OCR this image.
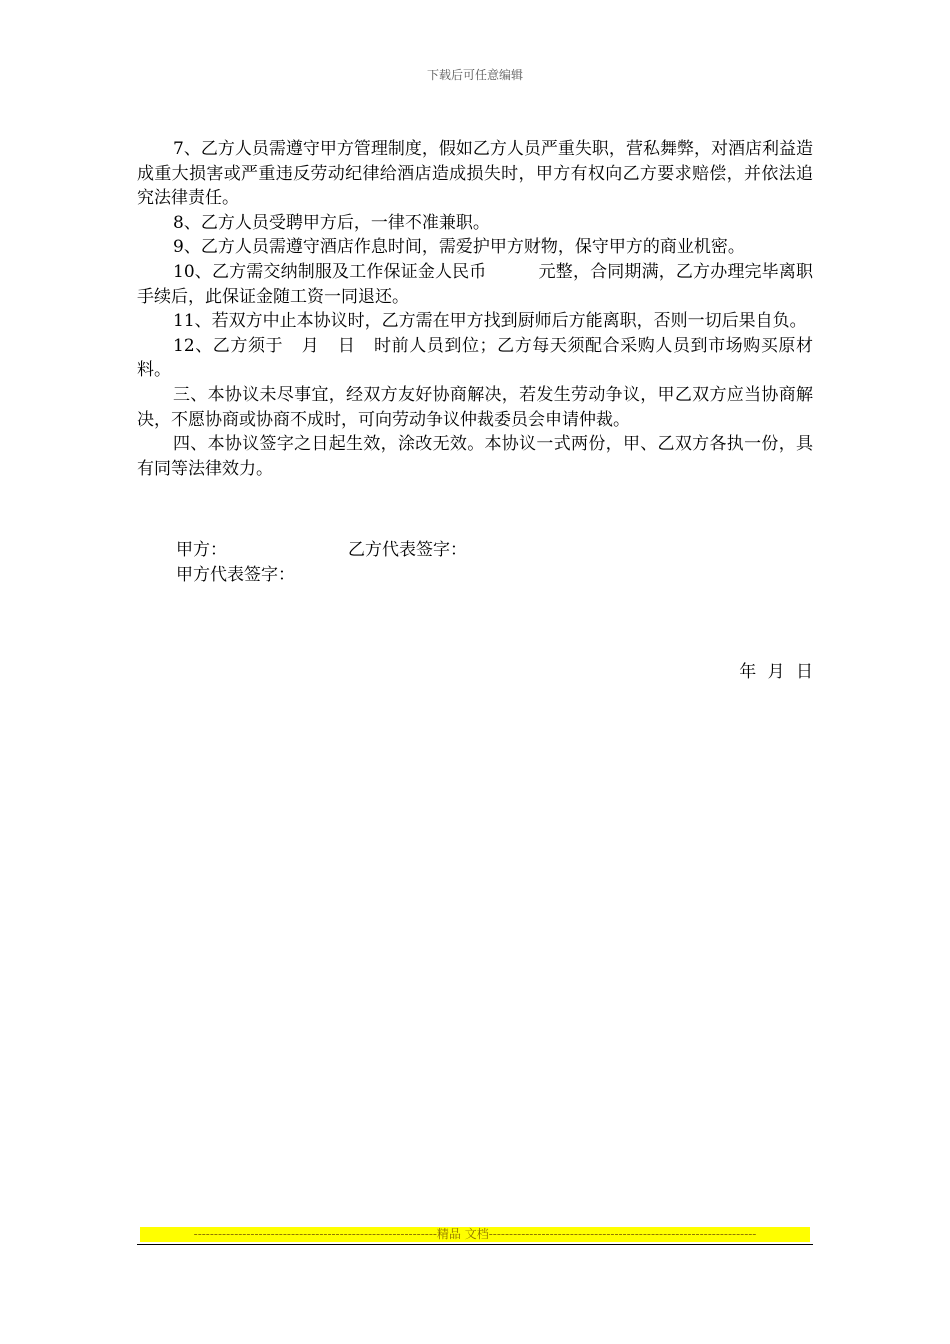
下载后可任意编辑

7、乙方人员需遵守甲方管理制度，假如乙方人员严重失职，营私舞弊，对酒店利益造成重大损害或严重违反劳动纪律给酒店造成损失时，甲方有权向乙方要求赔偿，并依法追究法律责任。

8、乙方人员受聘甲方后，一律不准兼职。

9、乙方人员需遵守酒店作息时间，需爱护甲方财物，保守甲方的商业机密。

10、乙方需交纳制服及工作保证金人民币	元整，合同期满，乙方办理完毕离职手续后，此保证金随工资一同退还。

11、若双方中止本协议时，乙方需在甲方找到厨师后方能离职，否则一切后果自负。

12、乙方须于 月 日 时前人员到位；乙方每天须配合采购人员到市场购买原材料。

三、本协议未尽事宜，经双方友好协商解决，若发生劳动争议，甲乙双方应当协商解决，不愿协商或协商不成时，可向劳动争议仲裁委员会申请仲裁。

四、本协议签字之日起生效，涂改无效。本协议一式两份，甲、乙双方各执一份，具有同等法律效力。

甲方：	乙方代表签字：
甲方代表签字：
年 月 日
------------------------------------------------------------精品 文档------------------------------------------------------------------
